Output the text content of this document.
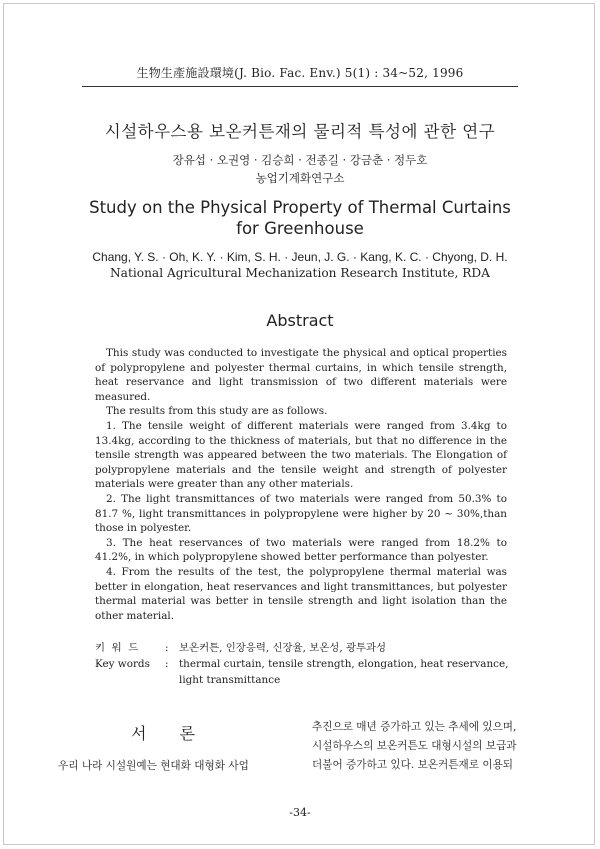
生物生產施設環境(J. Bio. Fac. Env.) 5(1) : 34~52, 1996
시설하우스용 보온커튼재의 물리적 특성에 관한 연구
장유섭 · 오권영 · 김승희 · 전종길 · 강금춘 · 정두호
농업기계화연구소
Study on the Physical Property of Thermal Curtains
for Greenhouse
Chang, Y. S. · Oh, K. Y. · Kim, S. H. · Jeun, J. G. · Kang, K. C. · Chyong, D. H.
National Agricultural Mechanization Research Institute, RDA
Abstract

This study was conducted to investigate the physical and optical properties of polypropylene and polyester thermal curtains, in which tensile strength, heat reservance and light transmission of two different materials were measured.

The results from this study are as follows.

1. The tensile weight of different materials were ranged from 3.4kg to 13.4kg, according to the thickness of materials, but that no difference in the tensile strength was appeared between the two materials. The Elongation of polypropylene materials and the tensile weight and strength of polyester materials were greater than any other materials.

2. The light transmittances of two materials were ranged from 50.3% to 81.7 %, light transmittances in polypropylene were higher by 20 ~ 30%,than those in polyester.

3. The heat reservances of two materials were ranged from 18.2% to 41.2%, in which polypropylene showed better performance than polyester.

4. From the results of the test, the polypropylene thermal material was better in elongation, heat reservances and light transmittances, but polyester thermal material was better in tensile strength and light isolation than the other material.

키  워  드	:	보온커튼, 인장응력, 신장율, 보온성, 광투과성
Key words	:	thermal curtain, tensile strength, elongation, heat reservance,
light transmittance
서 론
우리 나라 시설원예는 현대화 대형화 사업
추진으로 매년 증가하고 있는 추세에 있으며,
시설하우스의 보온커튼도 대형시설의 보급과
더불어 증가하고 있다. 보온커튼재로 이용되
-34-
